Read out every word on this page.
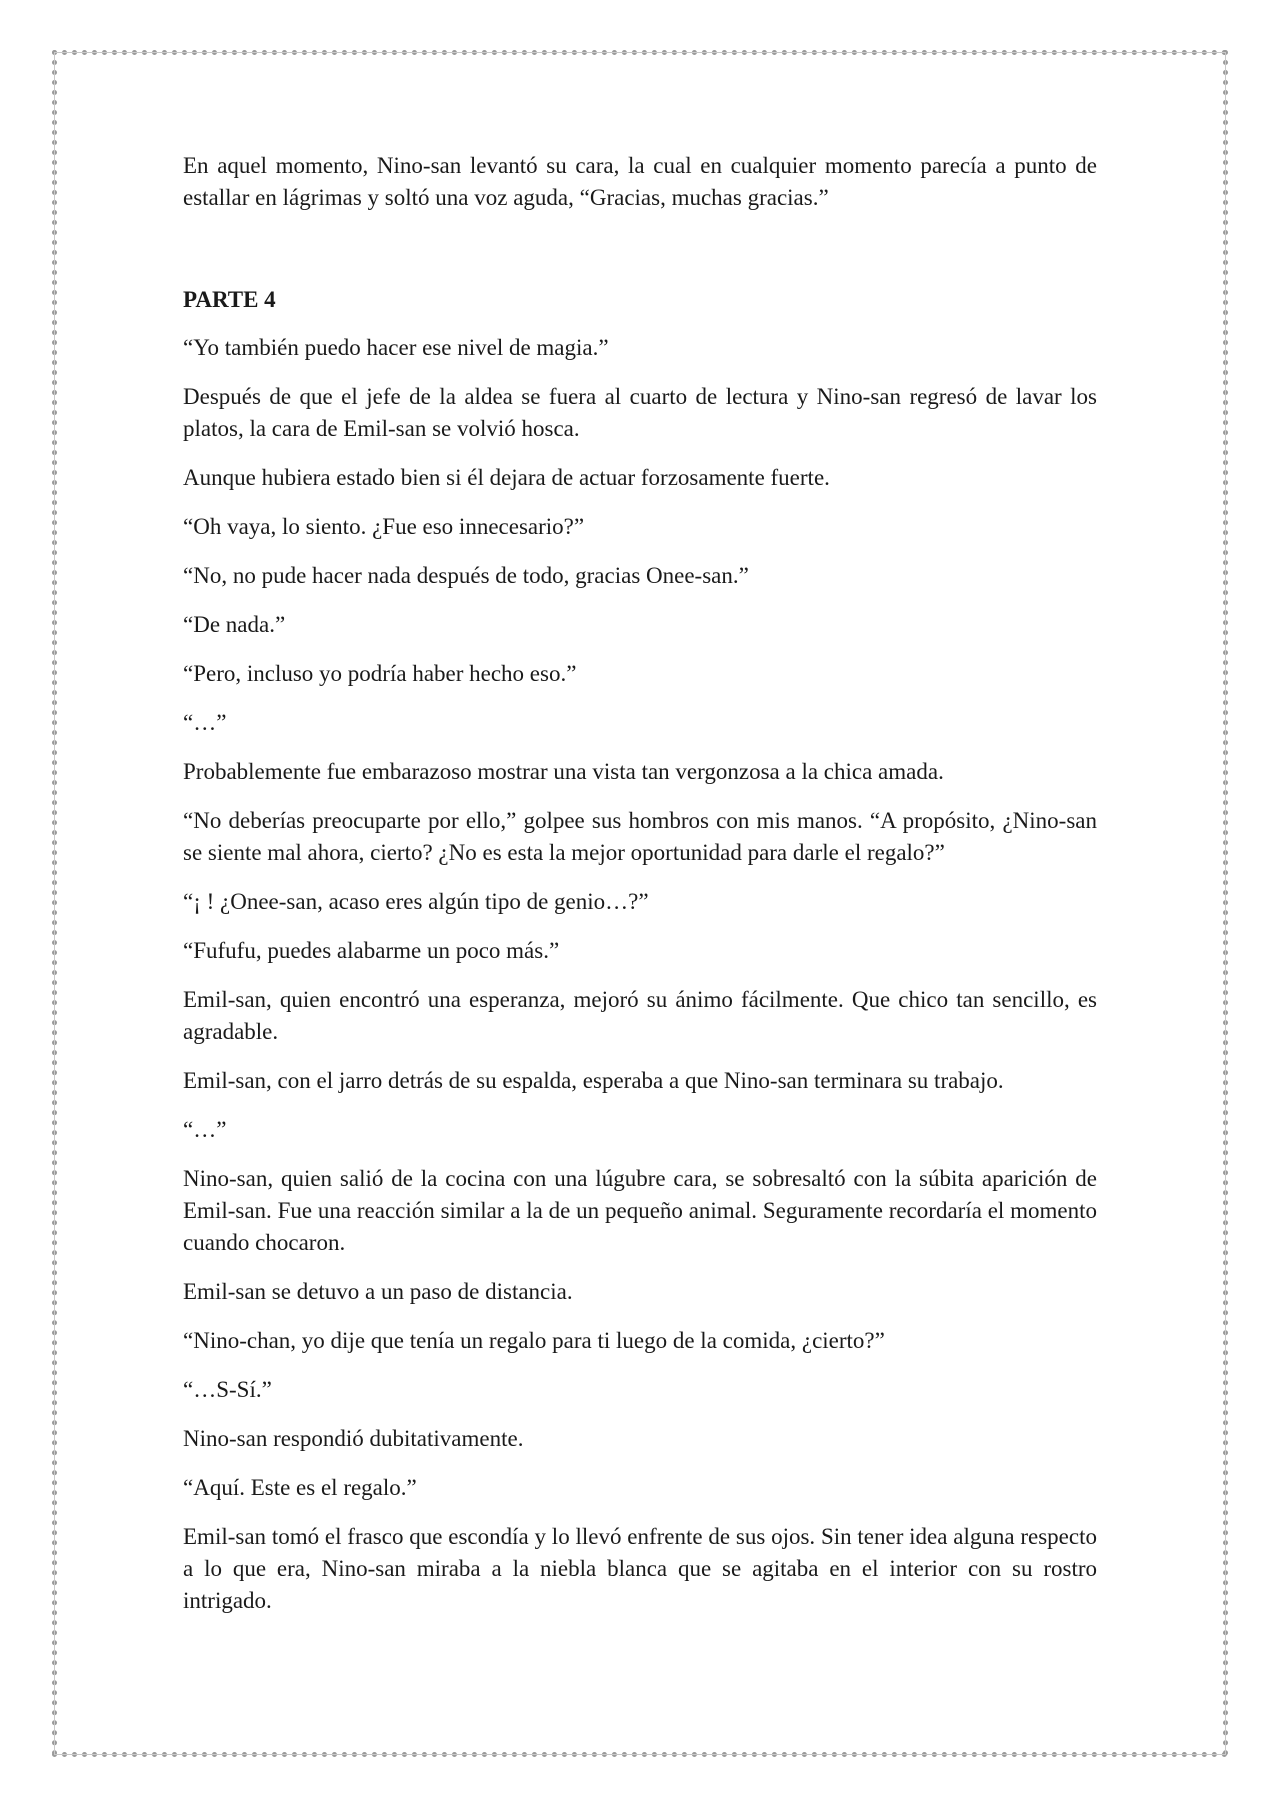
En aquel momento, Nino-san levantó su cara, la cual en cualquier momento parecía a punto de estallar en lágrimas y soltó una voz aguda, “Gracias, muchas gracias.”

PARTE 4

“Yo también puedo hacer ese nivel de magia.”

Después de que el jefe de la aldea se fuera al cuarto de lectura y Nino-san regresó de lavar los platos, la cara de Emil-san se volvió hosca.

Aunque hubiera estado bien si él dejara de actuar forzosamente fuerte.

“Oh vaya, lo siento. ¿Fue eso innecesario?”

“No, no pude hacer nada después de todo, gracias Onee-san.”

“De nada.”

“Pero, incluso yo podría haber hecho eso.”

“…”

Probablemente fue embarazoso mostrar una vista tan vergonzosa a la chica amada.

“No deberías preocuparte por ello,” golpee sus hombros con mis manos. “A propósito, ¿Nino-san se siente mal ahora, cierto? ¿No es esta la mejor oportunidad para darle el regalo?”

“¡ ! ¿Onee-san, acaso eres algún tipo de genio…?”

“Fufufu, puedes alabarme un poco más.”

Emil-san, quien encontró una esperanza, mejoró su ánimo fácilmente. Que chico tan sencillo, es agradable.

Emil-san, con el jarro detrás de su espalda, esperaba a que Nino-san terminara su trabajo.

“…”

Nino-san, quien salió de la cocina con una lúgubre cara, se sobresaltó con la súbita aparición de Emil-san. Fue una reacción similar a la de un pequeño animal. Seguramente recordaría el momento cuando chocaron.

Emil-san se detuvo a un paso de distancia.

“Nino-chan, yo dije que tenía un regalo para ti luego de la comida, ¿cierto?”

“…S-Sí.”

Nino-san respondió dubitativamente.

“Aquí. Este es el regalo.”

Emil-san tomó el frasco que escondía y lo llevó enfrente de sus ojos. Sin tener idea alguna respecto a lo que era, Nino-san miraba a la niebla blanca que se agitaba en el interior con su rostro intrigado.
